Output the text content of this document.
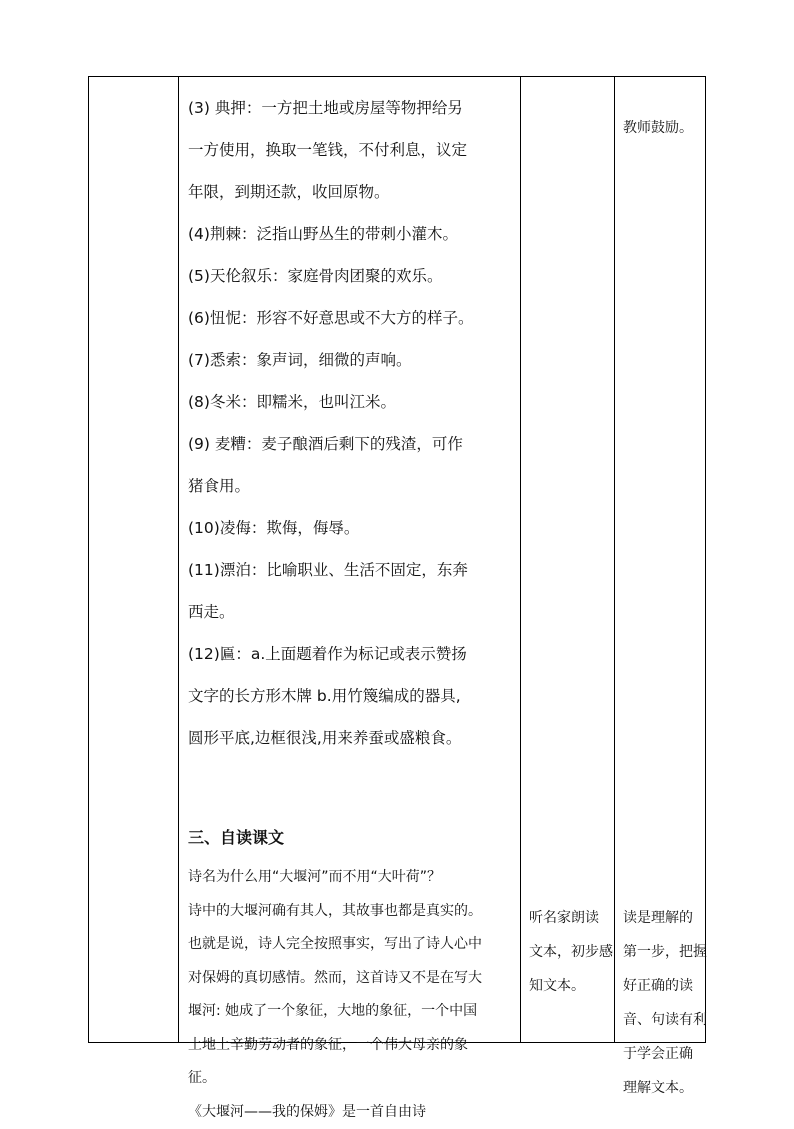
(3) 典押：一方把土地或房屋等物押给另

一方使用，换取一笔钱，不付利息，议定

年限，到期还款，收回原物。

(4)荆棘：泛指山野丛生的带刺小灌木。

(5)天伦叙乐：家庭骨肉团聚的欢乐。

(6)忸怩：形容不好意思或不大方的样子。

(7)悉索：象声词，细微的声响。

(8)冬米：即糯米，也叫江米。

(9) 麦糟：麦子酿酒后剩下的残渣，可作

猪食用。

(10)凌侮：欺侮，侮辱。

(11)漂泊：比喻职业、生活不固定，东奔

西走。

(12)匾：a.上面题着作为标记或表示赞扬

文字的长方形木牌 b.用竹篾编成的器具,

圆形平底,边框很浅,用来养蚕或盛粮食。

三、自读课文

诗名为什么用“大堰河”而不用“大叶荷”？

诗中的大堰河确有其人，其故事也都是真实的。

也就是说，诗人完全按照事实，写出了诗人心中

对保姆的真切感情。然而，这首诗又不是在写大

堰河: 她成了一个象征，大地的象征，一个中国

土地上辛勤劳动者的象征，一个伟大母亲的象

征。

《大堰河——我的保姆》是一首自由诗

听名家朗读

文本，初步感

知文本。

教师鼓励。

读是理解的

第一步，把握

好正确的读

音、句读有利

于学会正确

理解文本。
